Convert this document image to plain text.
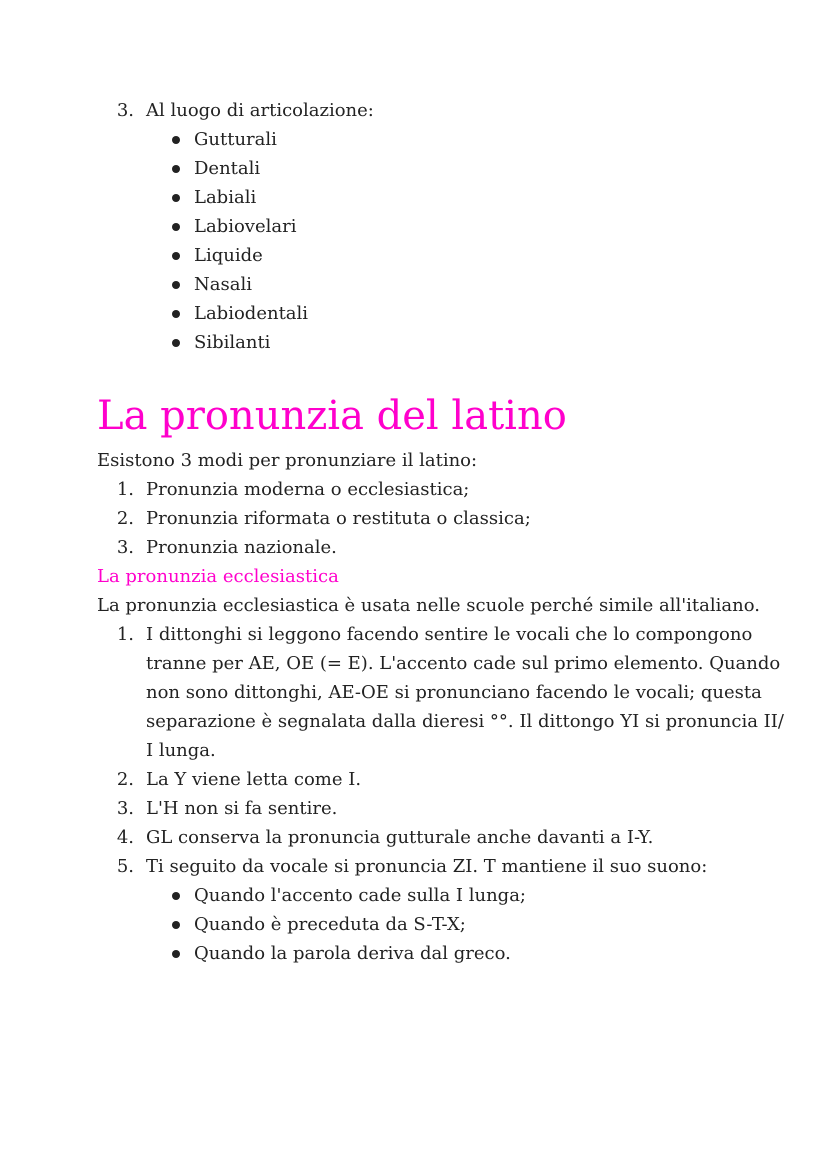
3. Al luogo di articolazione:
Gutturali
Dentali
Labiali
Labiovelari
Liquide
Nasali
Labiodentali
Sibilanti
La pronunzia del latino
Esistono 3 modi per pronunziare il latino:
1. Pronunzia moderna o ecclesiastica;
2. Pronunzia riformata o restituta o classica;
3. Pronunzia nazionale.
La pronunzia ecclesiastica
La pronunzia ecclesiastica è usata nelle scuole perché simile all'italiano.
1. I dittonghi si leggono facendo sentire le vocali che lo compongono
tranne per AE, OE (= E). L'accento cade sul primo elemento. Quando
non sono dittonghi, AE-OE si pronunciano facendo le vocali; questa
separazione è segnalata dalla dieresi °°. Il dittongo YI si pronuncia II/
I lunga.
2. La Y viene letta come I.
3. L'H non si fa sentire.
4. GL conserva la pronuncia gutturale anche davanti a I-Y.
5. Ti seguito da vocale si pronuncia ZI. T mantiene il suo suono:
Quando l'accento cade sulla I lunga;
Quando è preceduta da S-T-X;
Quando la parola deriva dal greco.
